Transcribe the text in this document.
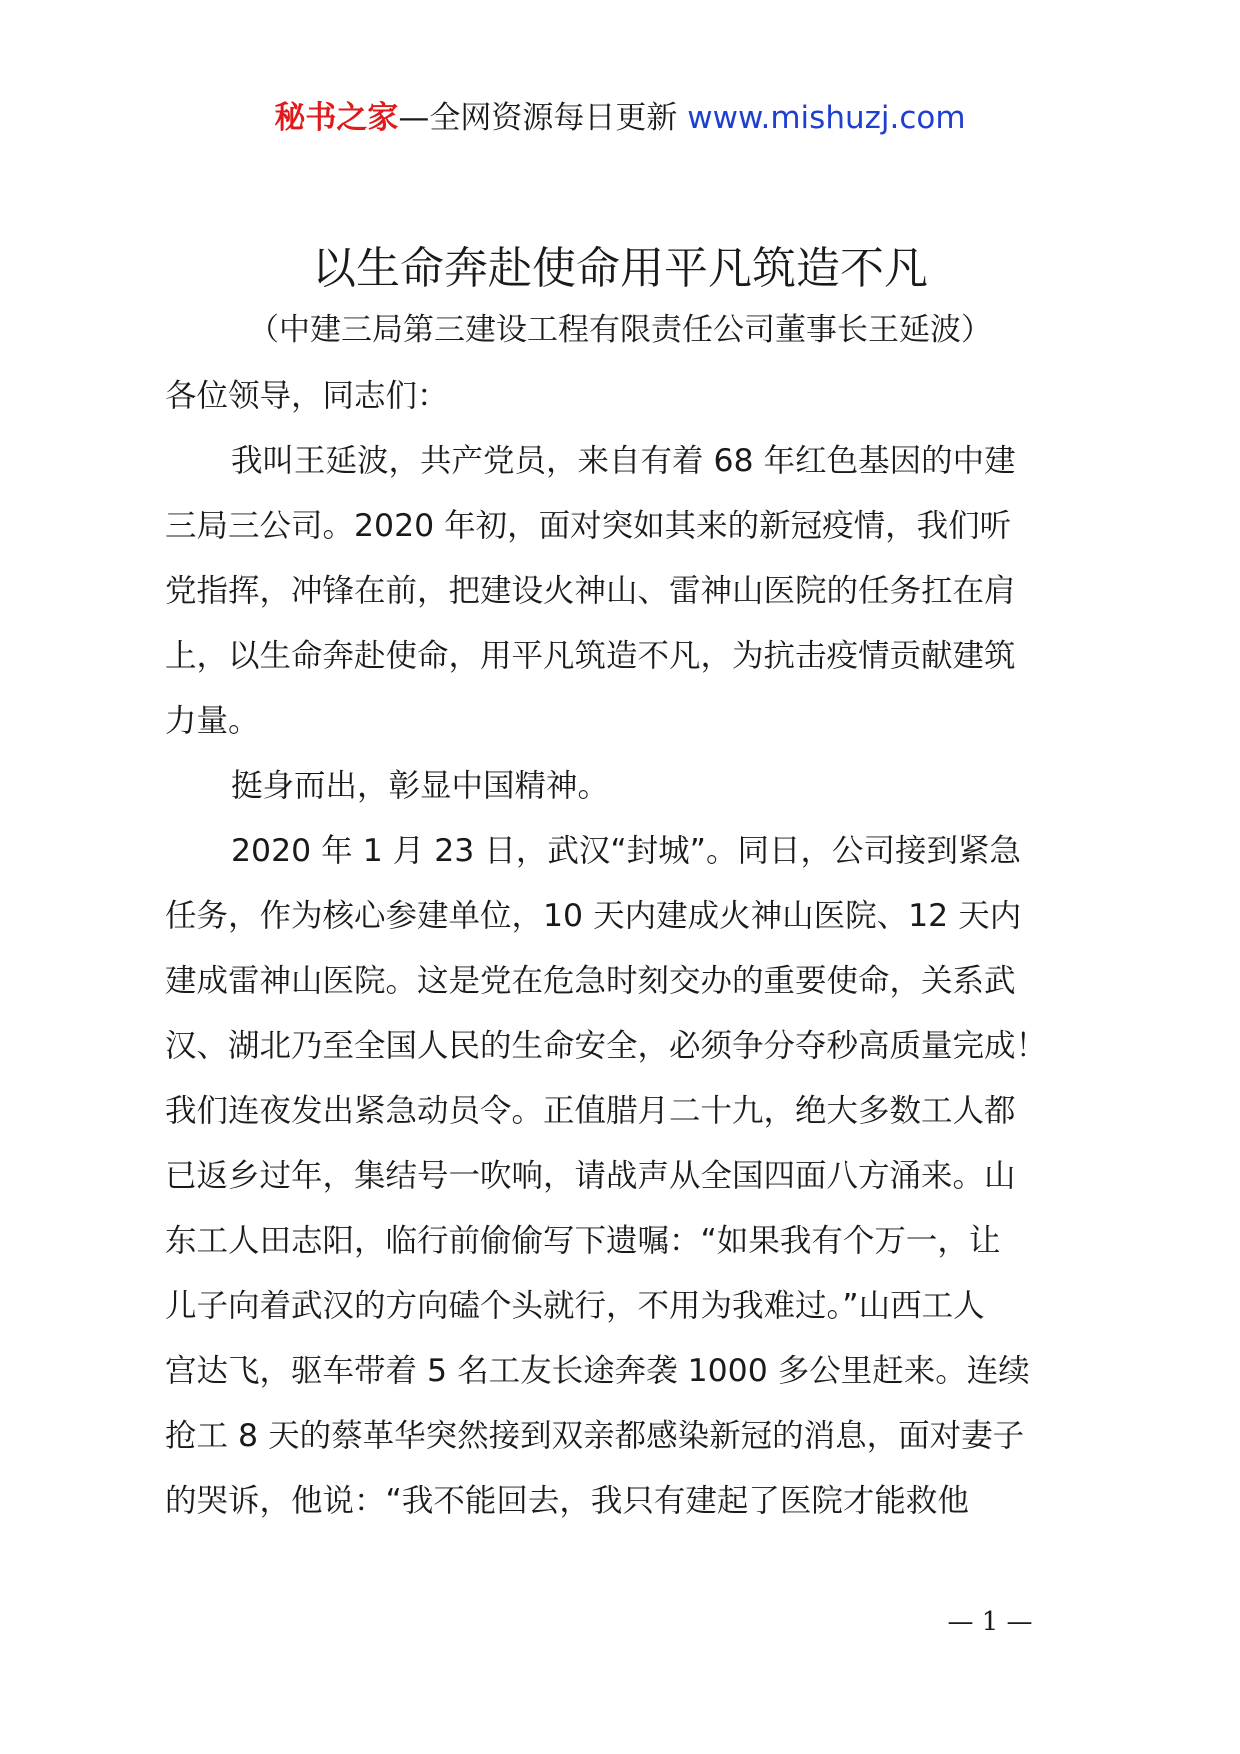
秘书之家—全网资源每日更新 www.mishuzj.com
以生命奔赴使命用平凡筑造不凡
（中建三局第三建设工程有限责任公司董事长王延波）
各位领导，同志们：
我叫王延波，共产党员，来自有着 68 年红色基因的中建
三局三公司。2020 年初，面对突如其来的新冠疫情，我们听
党指挥，冲锋在前，把建设火神山、雷神山医院的任务扛在肩
上，以生命奔赴使命，用平凡筑造不凡，为抗击疫情贡献建筑
力量。
挺身而出，彰显中国精神。
2020 年 1 月 23 日，武汉“封城”。同日，公司接到紧急
任务，作为核心参建单位，10 天内建成火神山医院、12 天内
建成雷神山医院。这是党在危急时刻交办的重要使命，关系武
汉、湖北乃至全国人民的生命安全，必须争分夺秒高质量完成！
我们连夜发出紧急动员令。正值腊月二十九，绝大多数工人都
已返乡过年，集结号一吹响，请战声从全国四面八方涌来。山
东工人田志阳，临行前偷偷写下遗嘱：“如果我有个万一，让
儿子向着武汉的方向磕个头就行，不用为我难过。”山西工人
宫达飞，驱车带着 5 名工友长途奔袭 1000 多公里赶来。连续
抢工 8 天的蔡革华突然接到双亲都感染新冠的消息，面对妻子
的哭诉，他说：“我不能回去，我只有建起了医院才能救他
— 1 —
